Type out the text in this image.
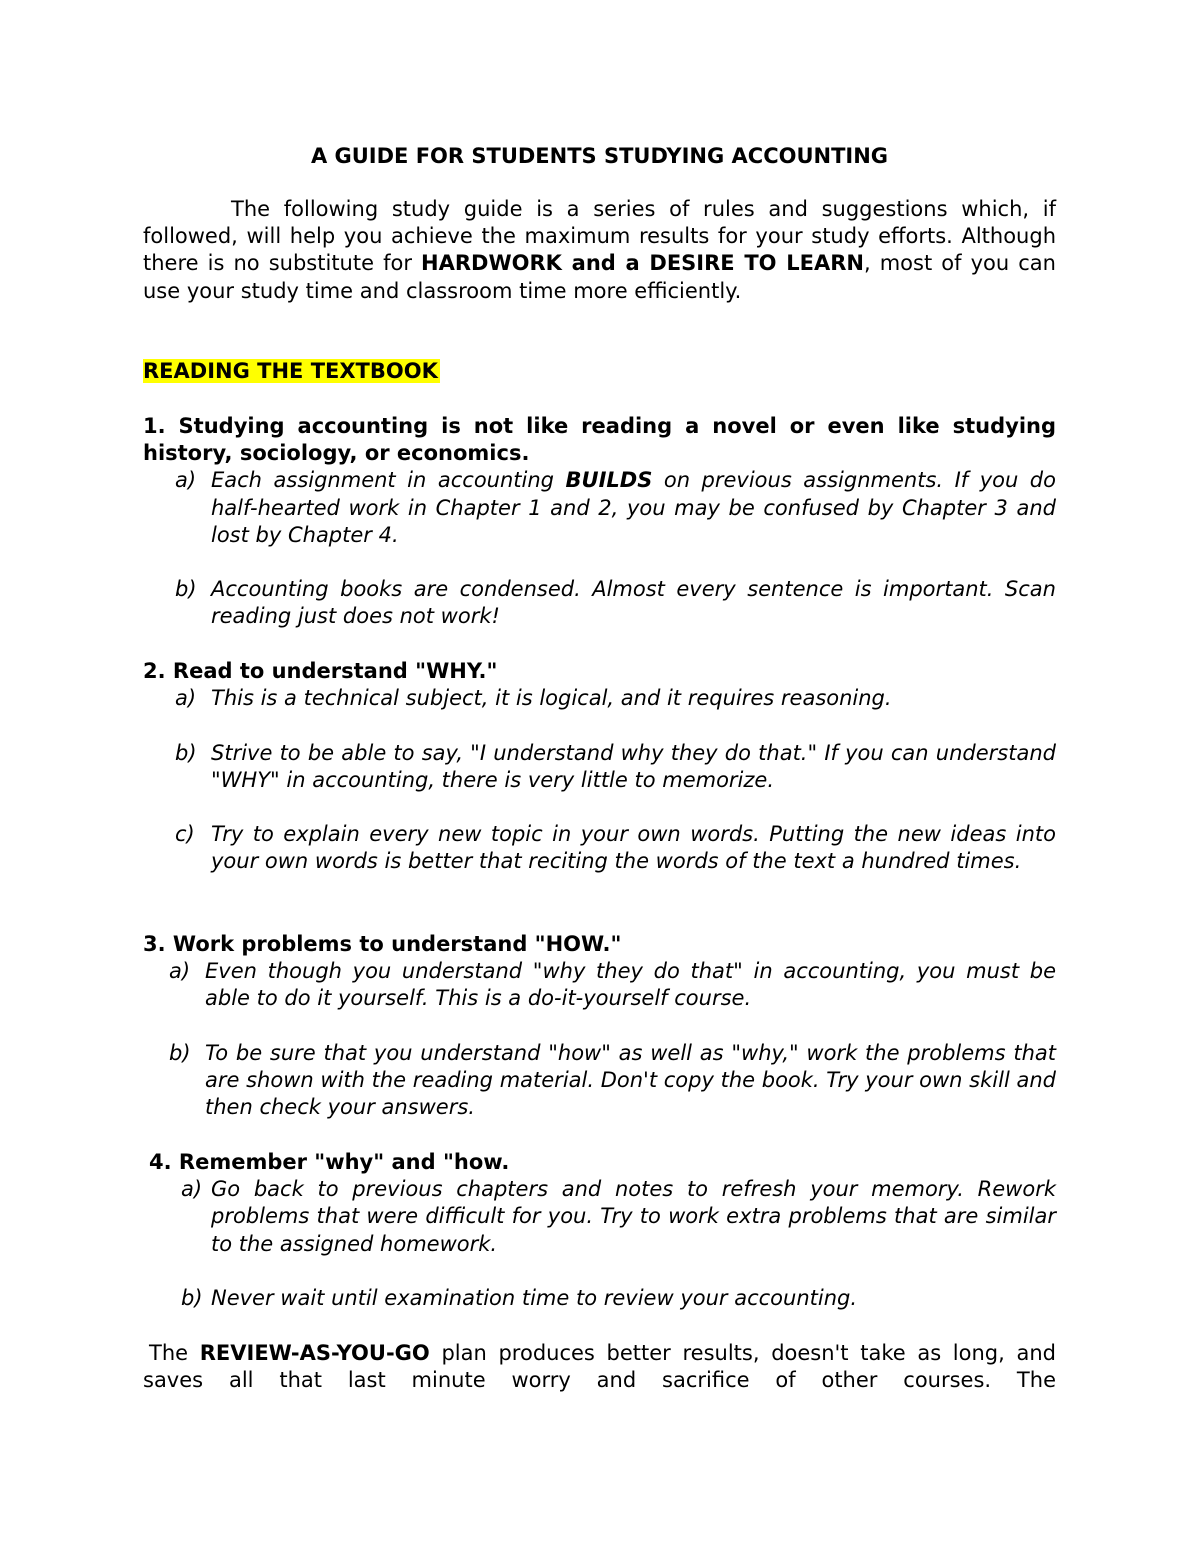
A GUIDE FOR STUDENTS STUDYING ACCOUNTING
The following study guide is a series of rules and suggestions which, if followed, will help you achieve the maximum results for your study efforts. Although there is no substitute for HARDWORK and a DESIRE TO LEARN, most of you can use your study time and classroom time more efficiently.
READING THE TEXTBOOK
1. Studying accounting is not like reading a novel or even like studying history, sociology, or economics.
a) Each assignment in accounting BUILDS on previous assignments. If you do half-hearted work in Chapter 1 and 2, you may be confused by Chapter 3 and lost by Chapter 4.
b) Accounting books are condensed. Almost every sentence is important. Scan reading just does not work!
2. Read to understand "WHY."
a) This is a technical subject, it is logical, and it requires reasoning.
b) Strive to be able to say, "I understand why they do that." If you can understand "WHY" in accounting, there is very little to memorize.
c) Try to explain every new topic in your own words. Putting the new ideas into your own words is better that reciting the words of the text a hundred times.
3. Work problems to understand "HOW."
a) Even though you understand "why they do that" in accounting, you must be able to do it yourself. This is a do-it-yourself course.
b) To be sure that you understand "how" as well as "why," work the problems that are shown with the reading material. Don't copy the book. Try your own skill and then check your answers.
4. Remember "why" and "how.
a) Go back to previous chapters and notes to refresh your memory. Rework problems that were difficult for you. Try to work extra problems that are similar to the assigned homework.
b) Never wait until examination time to review your accounting.
The REVIEW-AS-YOU-GO plan produces better results, doesn't take as long, and saves all that last minute worry and sacrifice of other courses. The
